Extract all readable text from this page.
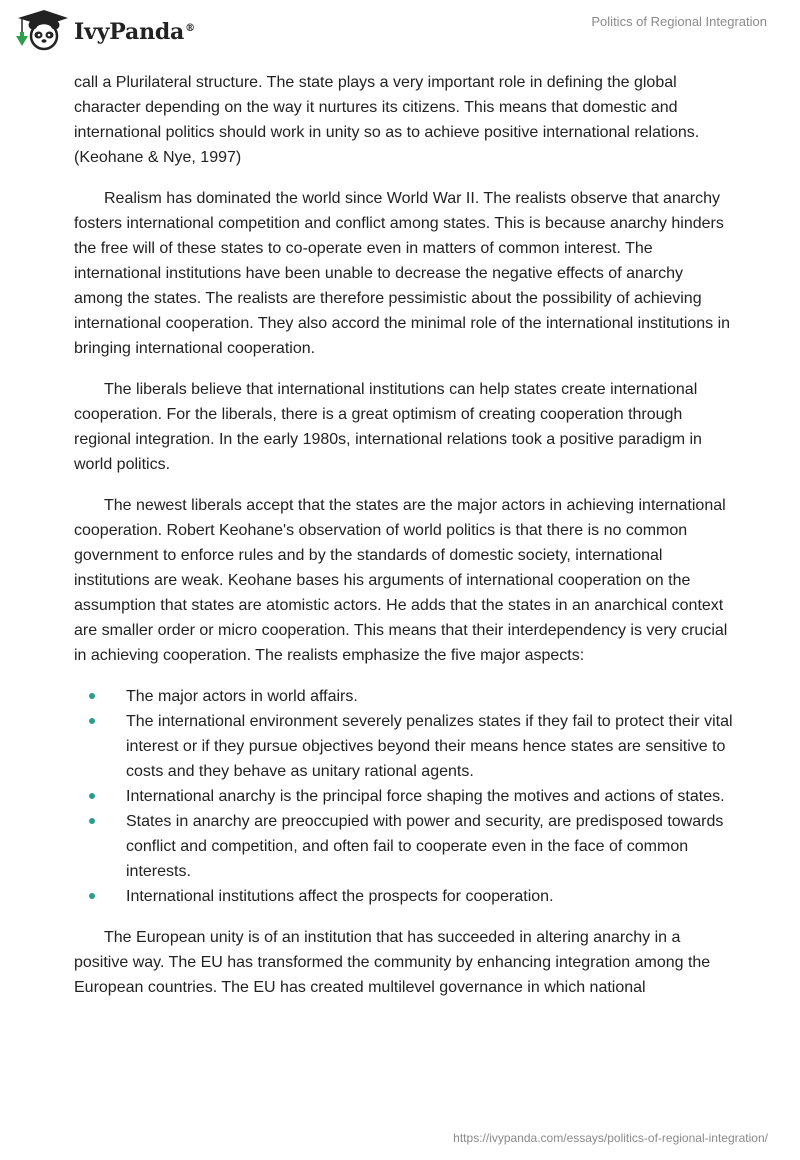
IvyPanda®	Politics of Regional Integration

call a Plurilateral structure. The state plays a very important role in defining the global character depending on the way it nurtures its citizens. This means that domestic and international politics should work in unity so as to achieve positive international relations. (Keohane & Nye, 1997)

Realism has dominated the world since World War II. The realists observe that anarchy fosters international competition and conflict among states. This is because anarchy hinders the free will of these states to co-operate even in matters of common interest. The international institutions have been unable to decrease the negative effects of anarchy among the states. The realists are therefore pessimistic about the possibility of achieving international cooperation. They also accord the minimal role of the international institutions in bringing international cooperation.

The liberals believe that international institutions can help states create international cooperation. For the liberals, there is a great optimism of creating cooperation through regional integration. In the early 1980s, international relations took a positive paradigm in world politics.

The newest liberals accept that the states are the major actors in achieving international cooperation. Robert Keohane's observation of world politics is that there is no common government to enforce rules and by the standards of domestic society, international institutions are weak. Keohane bases his arguments of international cooperation on the assumption that states are atomistic actors. He adds that the states in an anarchical context are smaller order or micro cooperation. This means that their interdependency is very crucial in achieving cooperation. The realists emphasize the five major aspects:

The major actors in world affairs.
The international environment severely penalizes states if they fail to protect their vital interest or if they pursue objectives beyond their means hence states are sensitive to costs and they behave as unitary rational agents.
International anarchy is the principal force shaping the motives and actions of states.
States in anarchy are preoccupied with power and security, are predisposed towards conflict and competition, and often fail to cooperate even in the face of common interests.
International institutions affect the prospects for cooperation.

The European unity is of an institution that has succeeded in altering anarchy in a positive way. The EU has transformed the community by enhancing integration among the European countries. The EU has created multilevel governance in which national

https://ivypanda.com/essays/politics-of-regional-integration/
